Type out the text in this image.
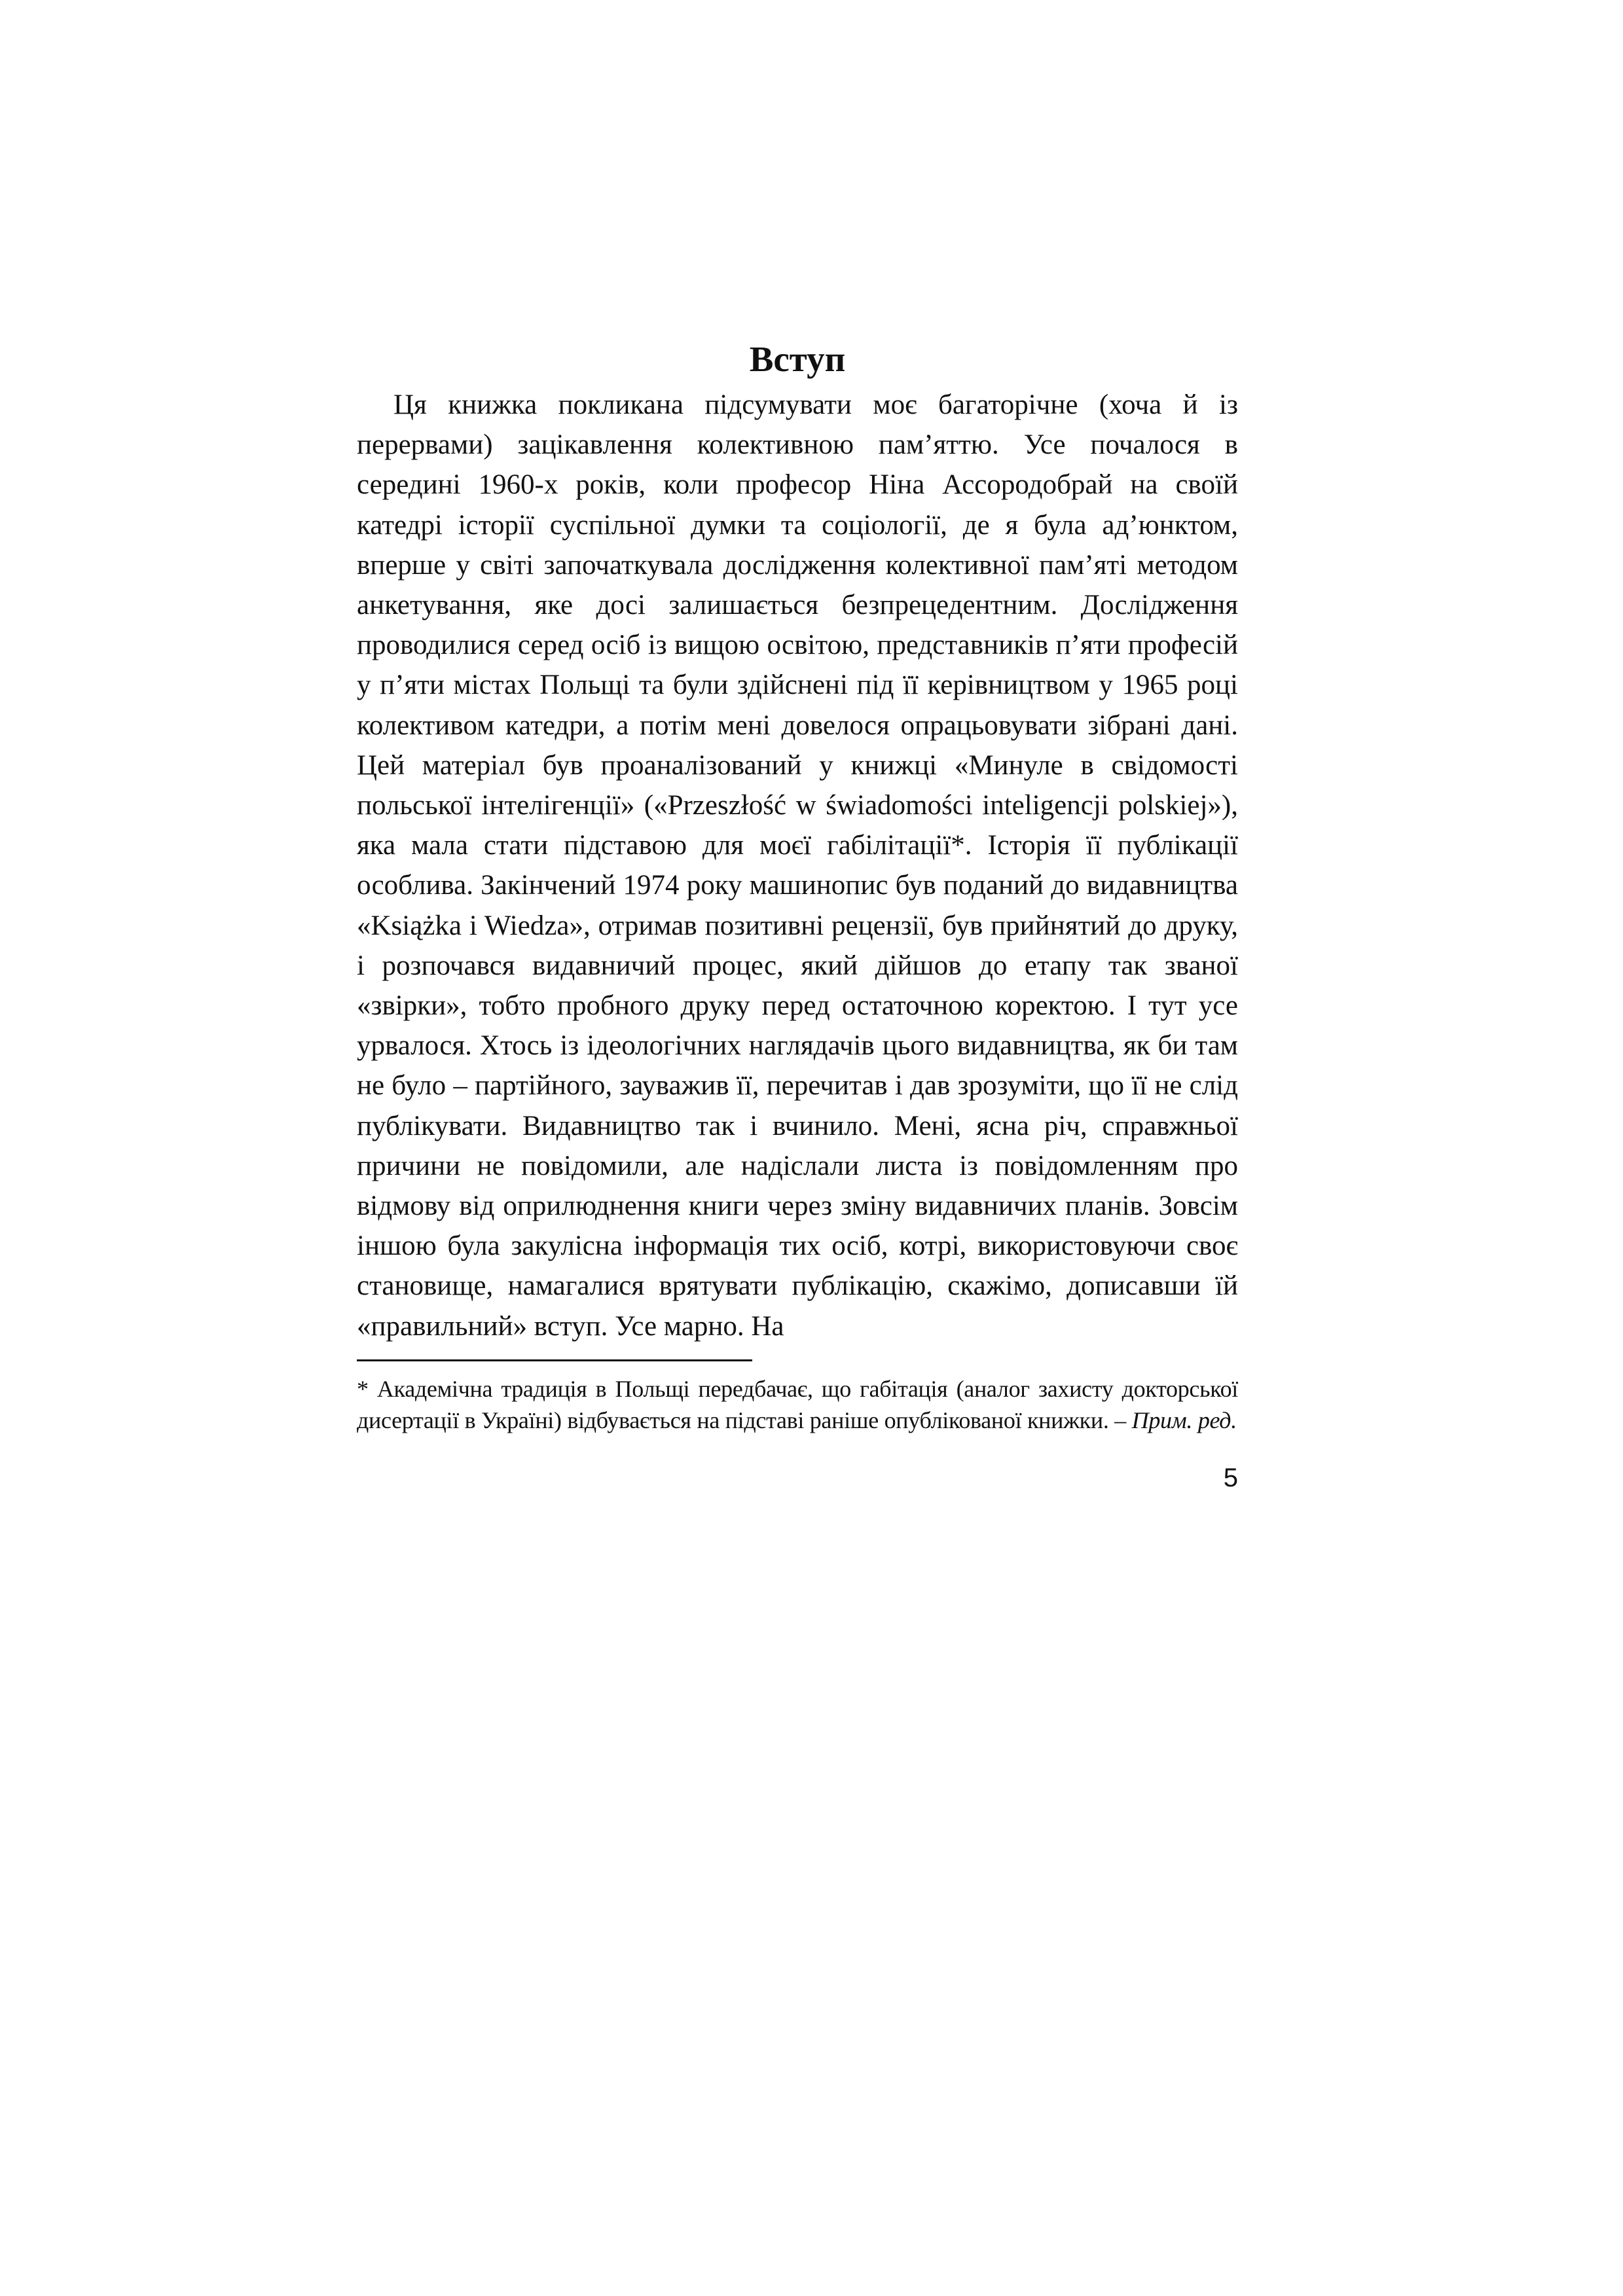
Вступ

Ця книжка покликана підсумувати моє багаторічне (хоча й із перервами) зацікавлення колективною пам’яттю. Усе почалося в середині 1960-х років, коли професор Ніна Ассородобрай на своїй катедрі історії суспільної думки та соціології, де я була ад’юнктом, вперше у світі започаткувала дослідження колективної пам’яті методом анкетування, яке досі залишається безпрецедентним. Дослідження проводилися серед осіб із вищою освітою, представників п’яти професій у п’яти містах Польщі та були здійснені під її керівництвом у 1965 році колективом катедри, а потім мені довелося опрацьовувати зібрані дані. Цей матеріал був проаналізований у книжці «Минуле в свідомості польської інтелігенції» («Przeszłość w świadomości inteligencji polskiej»), яка мала стати підставою для моєї габілітації*. Історія її публікації особлива. Закінчений 1974 року машинопис був поданий до видавництва «Książka i Wiedza», отримав позитивні рецензії, був прийнятий до друку, і розпочався видавничий процес, який дійшов до етапу так званої «звірки», тобто пробного друку перед остаточною коректою. І тут усе урвалося. Хтось із ідеологічних наглядачів цього видавництва, як би там не було – партійного, зауважив її, перечитав і дав зрозуміти, що її не слід публікувати. Видавництво так і вчинило. Мені, ясна річ, справжньої причини не повідомили, але надіслали листа із повідомленням про відмову від оприлюднення книги через зміну видавничих планів. Зовсім іншою була закулісна інформація тих осіб, котрі, використовуючи своє становище, намагалися врятувати публікацію, скажімо, дописавши їй «правильний» вступ. Усе марно. На

* Академічна традиція в Польщі передбачає, що габітація (аналог захисту докторської дисертації в Україні) відбувається на підставі раніше опублікованої книжки. – Прим. ред.

5
